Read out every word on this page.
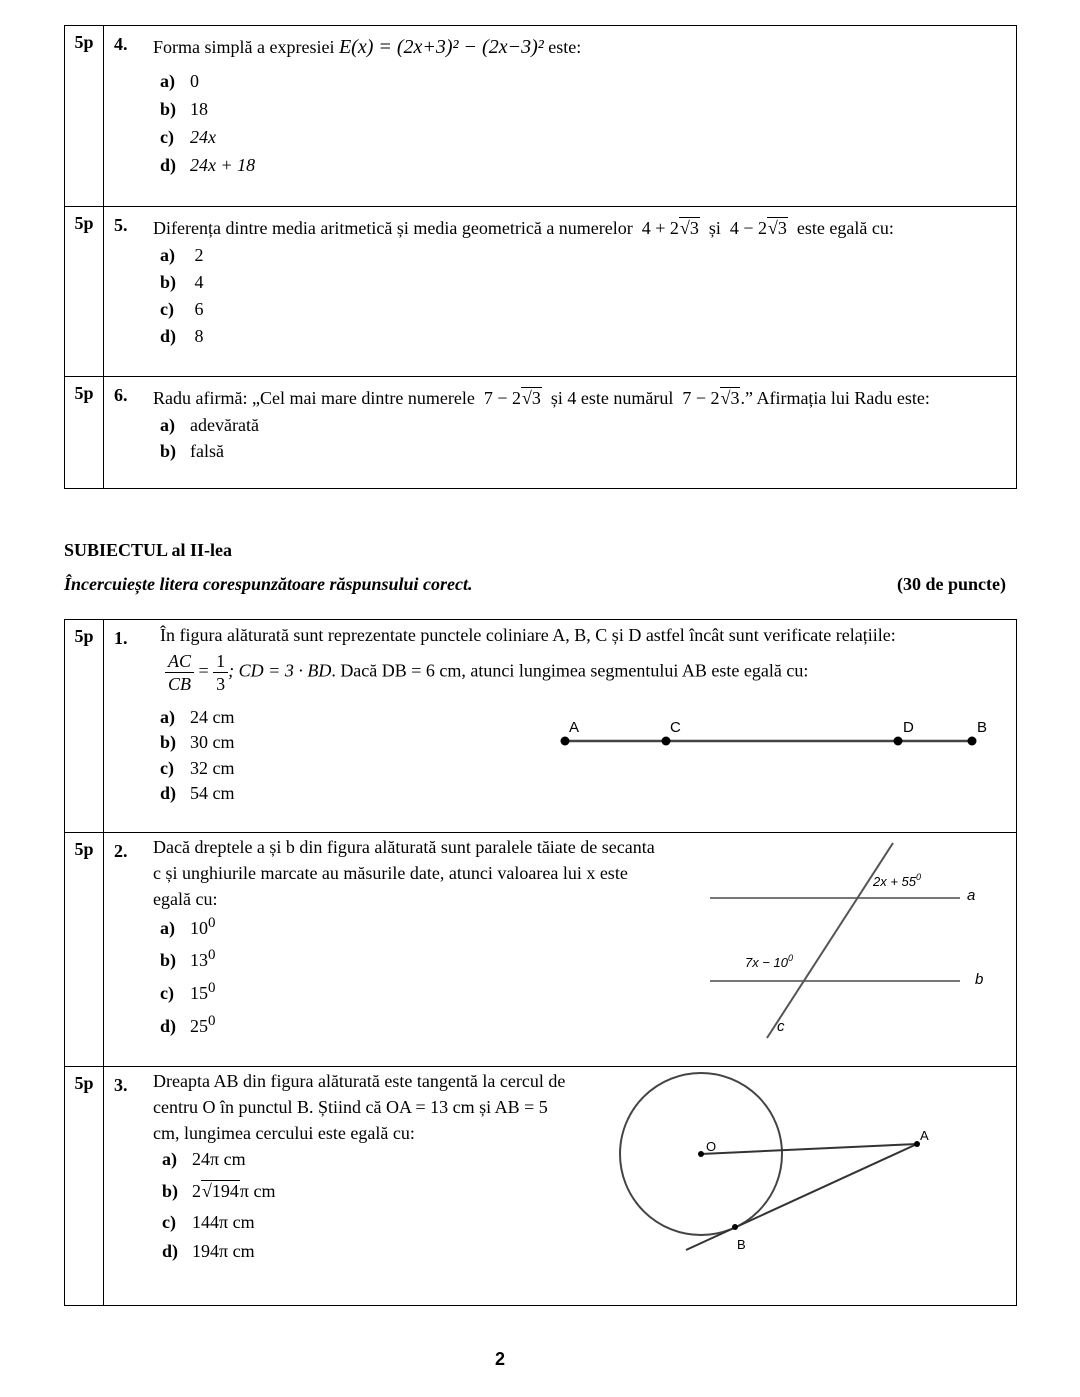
5p	4. Forma simplă a expresiei E(x) = (2x+3)² − (2x−3)² este:
a) 0
b) 18
c) 24x
d) 24x + 18
5p	5. Diferența dintre media aritmetică și media geometrică a numerelor 4 + 2√3 și 4 − 2√3 este egală cu:
a) 2
b) 4
c) 6
d) 8
5p	6. Radu afirmă: „Cel mai mare dintre numerele 7 − 2√3 și 4 este numărul 7 − 2√3.” Afirmația lui Radu este:
a) adevărată
b) falsă
SUBIECTUL al II-lea
Încercuiește litera corespunzătoare răspunsului corect.	(30 de puncte)
5p	1. În figura alăturată sunt reprezentate punctele coliniare A, B, C și D astfel încât sunt verificate relațiile:
$\frac{AC}{CB} = \frac{1}{3}$ ; CD = 3 · BD. Dacă DB = 6 cm, atunci lungimea segmentului AB este egală cu:
a) 24 cm
b) 30 cm
c) 32 cm
d) 54 cm
A	C	D	B
5p	2. Dacă dreptele a și b din figura alăturată sunt paralele tăiate de secanta
c și unghiurile marcate au măsurile date, atunci valoarea lui x este
egală cu:
a) $10^0$
b) $13^0$
c) $15^0$
d) $25^0$
$2x + 55^0$
$7x - 10^0$
a
b
c
5p	3. Dreapta AB din figura alăturată este tangentă la cercul de
centru O în punctul B. Știind că OA = 13 cm și AB = 5
cm, lungimea cercului este egală cu:
a) 24π cm
b) 2√194π cm
c) 144π cm
d) 194π cm
O
A
B
2
